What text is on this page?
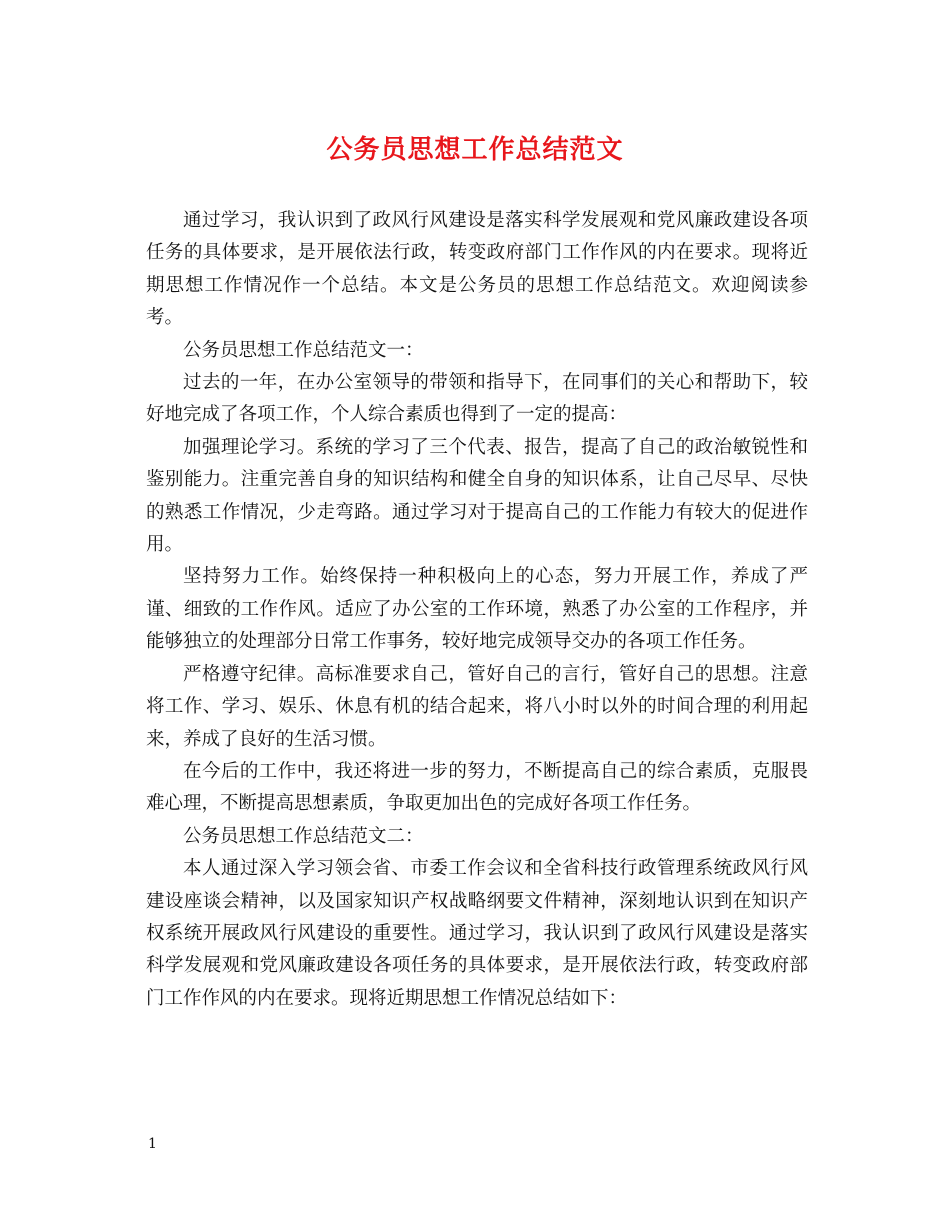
公务员思想工作总结范文

通过学习，我认识到了政风行风建设是落实科学发展观和党风廉政建设各项任务的具体要求，是开展依法行政，转变政府部门工作作风的内在要求。现将近期思想工作情况作一个总结。本文是公务员的思想工作总结范文。欢迎阅读参考。

公务员思想工作总结范文一：

过去的一年，在办公室领导的带领和指导下，在同事们的关心和帮助下，较好地完成了各项工作，个人综合素质也得到了一定的提高：

加强理论学习。系统的学习了三个代表、报告，提高了自己的政治敏锐性和鉴别能力。注重完善自身的知识结构和健全自身的知识体系，让自己尽早、尽快的熟悉工作情况，少走弯路。通过学习对于提高自己的工作能力有较大的促进作用。

坚持努力工作。始终保持一种积极向上的心态，努力开展工作，养成了严谨、细致的工作作风。适应了办公室的工作环境，熟悉了办公室的工作程序，并能够独立的处理部分日常工作事务，较好地完成领导交办的各项工作任务。

严格遵守纪律。高标准要求自己，管好自己的言行，管好自己的思想。注意将工作、学习、娱乐、休息有机的结合起来，将八小时以外的时间合理的利用起来，养成了良好的生活习惯。

在今后的工作中，我还将进一步的努力，不断提高自己的综合素质，克服畏难心理，不断提高思想素质，争取更加出色的完成好各项工作任务。

公务员思想工作总结范文二：

本人通过深入学习领会省、市委工作会议和全省科技行政管理系统政风行风建设座谈会精神，以及国家知识产权战略纲要文件精神，深刻地认识到在知识产权系统开展政风行风建设的重要性。通过学习，我认识到了政风行风建设是落实科学发展观和党风廉政建设各项任务的具体要求，是开展依法行政，转变政府部门工作作风的内在要求。现将近期思想工作情况总结如下：

1
